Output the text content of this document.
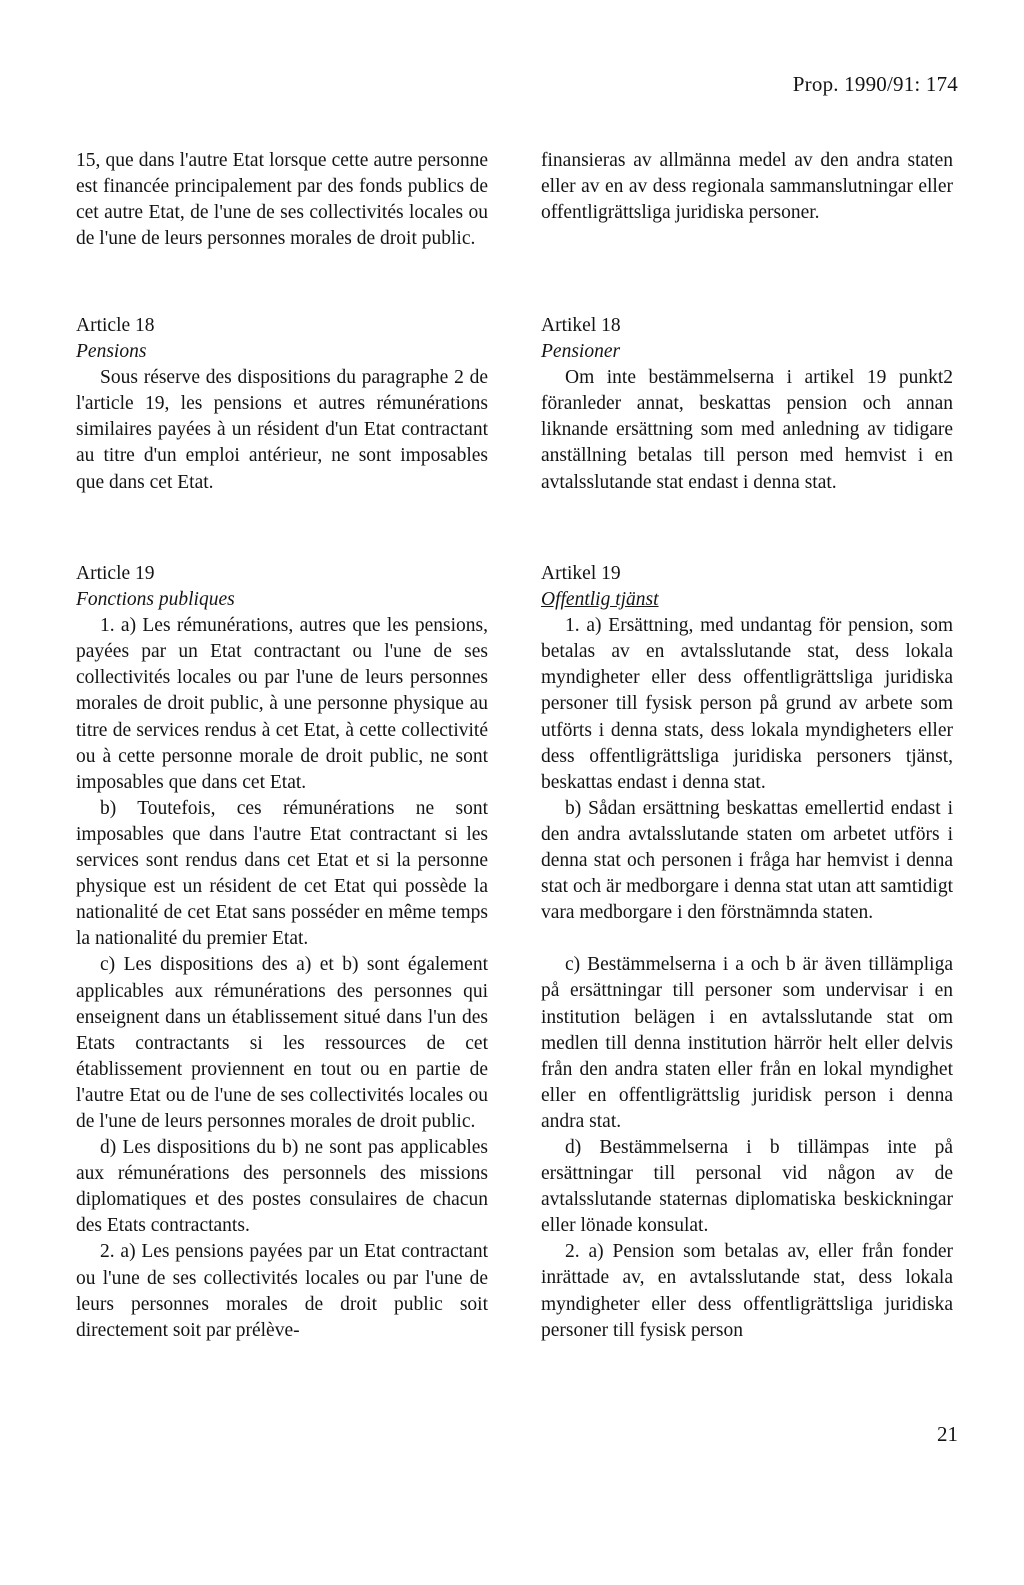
Prop. 1990/91: 174

15, que dans l'autre Etat lorsque cette autre personne est financée principalement par des fonds publics de cet autre Etat, de l'une de ses collectivités locales ou de l'une de leurs personnes morales de droit public.

Article 18
Pensions

Sous réserve des dispositions du paragraphe 2 de l'article 19, les pensions et autres rémunérations similaires payées à un résident d'un Etat contractant au titre d'un emploi antérieur, ne sont imposables que dans cet Etat.

Article 19
Fonctions publiques

1. a) Les rémunérations, autres que les pensions, payées par un Etat contractant ou l'une de ses collectivités locales ou par l'une de leurs personnes morales de droit public, à une personne physique au titre de services rendus à cet Etat, à cette collectivité ou à cette personne morale de droit public, ne sont imposables que dans cet Etat.

b) Toutefois, ces rémunérations ne sont imposables que dans l'autre Etat contractant si les services sont rendus dans cet Etat et si la personne physique est un résident de cet Etat qui possède la nationalité de cet Etat sans posséder en même temps la nationalité du premier Etat.

c) Les dispositions des a) et b) sont également applicables aux rémunérations des personnes qui enseignent dans un établissement situé dans l'un des Etats contractants si les ressources de cet établissement proviennent en tout ou en partie de l'autre Etat ou de l'une de ses collectivités locales ou de l'une de leurs personnes morales de droit public.

d) Les dispositions du b) ne sont pas applicables aux rémunérations des personnels des missions diplomatiques et des postes consulaires de chacun des Etats contractants.

2. a) Les pensions payées par un Etat contractant ou l'une de ses collectivités locales ou par l'une de leurs personnes morales de droit public soit directement soit par prélève-

finansieras av allmänna medel av den andra staten eller av en av dess regionala sammanslutningar eller offentligrättsliga juridiska personer.

Artikel 18
Pensioner

Om inte bestämmelserna i artikel 19 punkt2 föranleder annat, beskattas pension och annan liknande ersättning som med anledning av tidigare anställning betalas till person med hemvist i en avtalsslutande stat endast i denna stat.

Artikel 19
Offentlig tjänst

1. a) Ersättning, med undantag för pension, som betalas av en avtalsslutande stat, dess lokala myndigheter eller dess offentligrättsliga juridiska personer till fysisk person på grund av arbete som utförts i denna stats, dess lokala myndigheters eller dess offentligrättsliga juridiska personers tjänst, beskattas endast i denna stat.

b) Sådan ersättning beskattas emellertid endast i den andra avtalsslutande staten om arbetet utförs i denna stat och personen i fråga har hemvist i denna stat och är medborgare i denna stat utan att samtidigt vara medborgare i den förstnämnda staten.

c) Bestämmelserna i a och b är även tillämpliga på ersättningar till personer som undervisar i en institution belägen i en avtalsslutande stat om medlen till denna institution härrör helt eller delvis från den andra staten eller från en lokal myndighet eller en offentligrättslig juridisk person i denna andra stat.

d) Bestämmelserna i b tillämpas inte på ersättningar till personal vid någon av de avtalsslutande staternas diplomatiska beskickningar eller lönade konsulat.

2. a) Pension som betalas av, eller från fonder inrättade av, en avtalsslutande stat, dess lokala myndigheter eller dess offentligrättsliga juridiska personer till fysisk person

21
